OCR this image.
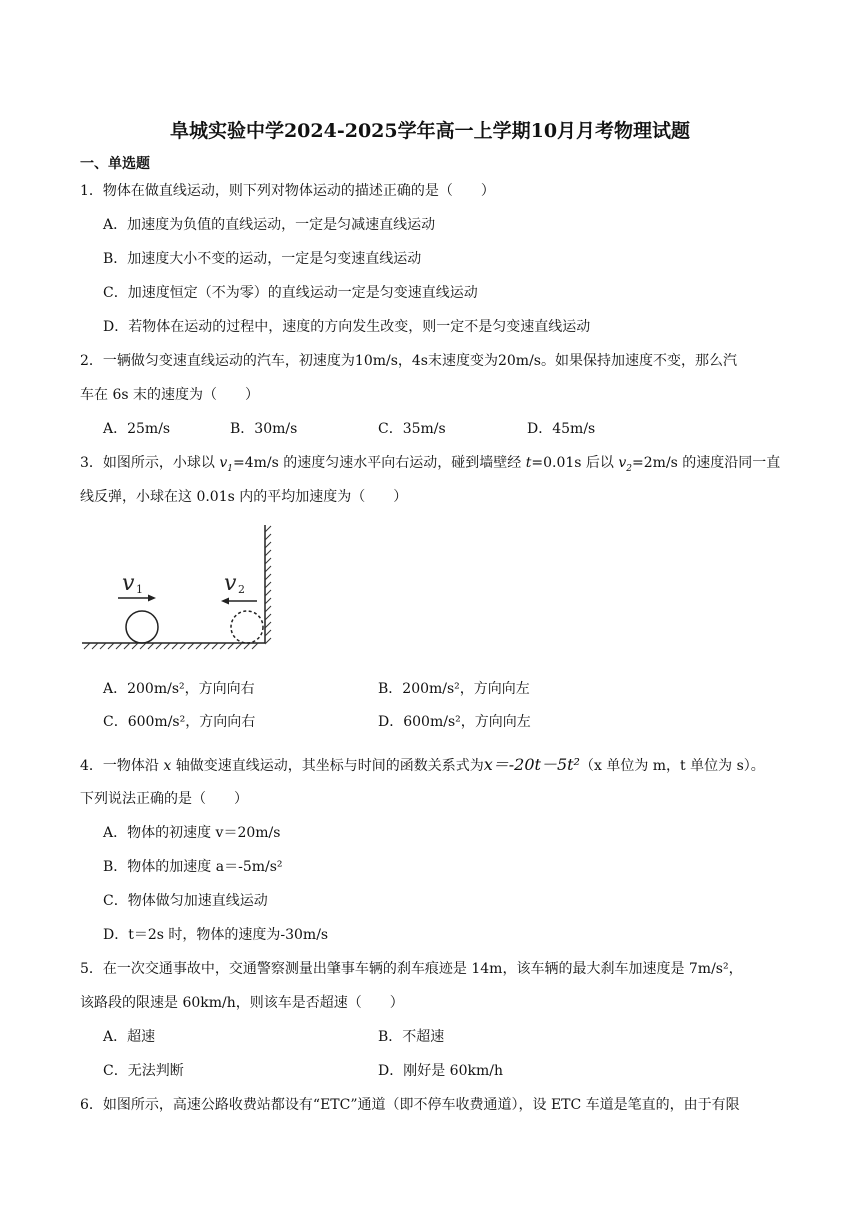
阜城实验中学2024-2025学年高一上学期10月月考物理试题
一、单选题
1．物体在做直线运动，则下列对物体运动的描述正确的是（　　）
A．加速度为负值的直线运动，一定是匀减速直线运动
B．加速度大小不变的运动，一定是匀变速直线运动
C．加速度恒定（不为零）的直线运动一定是匀变速直线运动
D．若物体在运动的过程中，速度的方向发生改变，则一定不是匀变速直线运动
2．一辆做匀变速直线运动的汽车，初速度为10m/s，4s末速度变为20m/s。如果保持加速度不变，那么汽
车在 6s 末的速度为（　　）
A．25m/s	B．30m/s	C．35m/s	D．45m/s
3．如图所示，小球以 $v_1=4m/s$ 的速度匀速水平向右运动，碰到墙壁经 t=0.01s 后以 $v_2=2m/s$ 的速度沿同一直
线反弹，小球在这 0.01s 内的平均加速度为（　　）
v 1	v 2
A．200m/s²，方向向右	B．200m/s²，方向向左
C．600m/s²，方向向右	D．600m/s²，方向向左
4．一物体沿 x 轴做变速直线运动，其坐标与时间的函数关系式为x＝-20t－5t²（x 单位为 m，t 单位为 s）。
下列说法正确的是（　　）
A．物体的初速度 v＝20m/s
B．物体的加速度 a＝-5m/s²
C．物体做匀加速直线运动
D．t＝2s 时，物体的速度为-30m/s
5．在一次交通事故中，交通警察测量出肇事车辆的刹车痕迹是 14m，该车辆的最大刹车加速度是 7m/s²，
该路段的限速是 60km/h，则该车是否超速（　　）
A．超速	B．不超速
C．无法判断	D．刚好是 60km/h
6．如图所示，高速公路收费站都设有“ETC”通道（即不停车收费通道），设 ETC 车道是笔直的，由于有限
